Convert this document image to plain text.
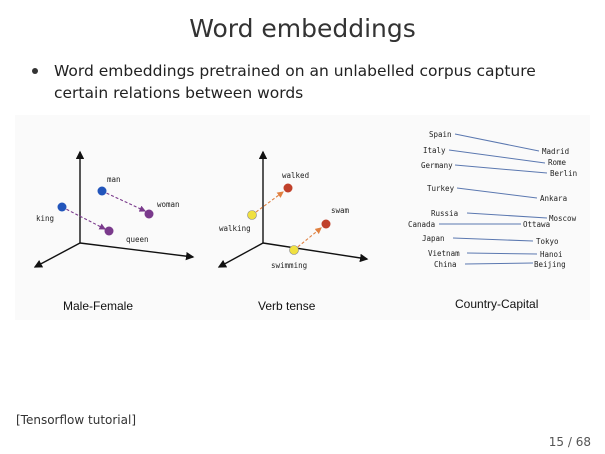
Word embeddings
Word embeddings pretrained on an unlabelled corpus capture certain relations between words
man
woman
king
queen
Male-Female
walked
swam
walking
swimming
Verb tense
Spain
Italy
Germany
Turkey
Russia
Canada
Japan
Vietnam
China
Madrid
Rome
Berlin
Ankara
Moscow
Ottawa
Tokyo
Hanoi
Beijing
Country-Capital
[Tensorflow tutorial]
15 / 68
